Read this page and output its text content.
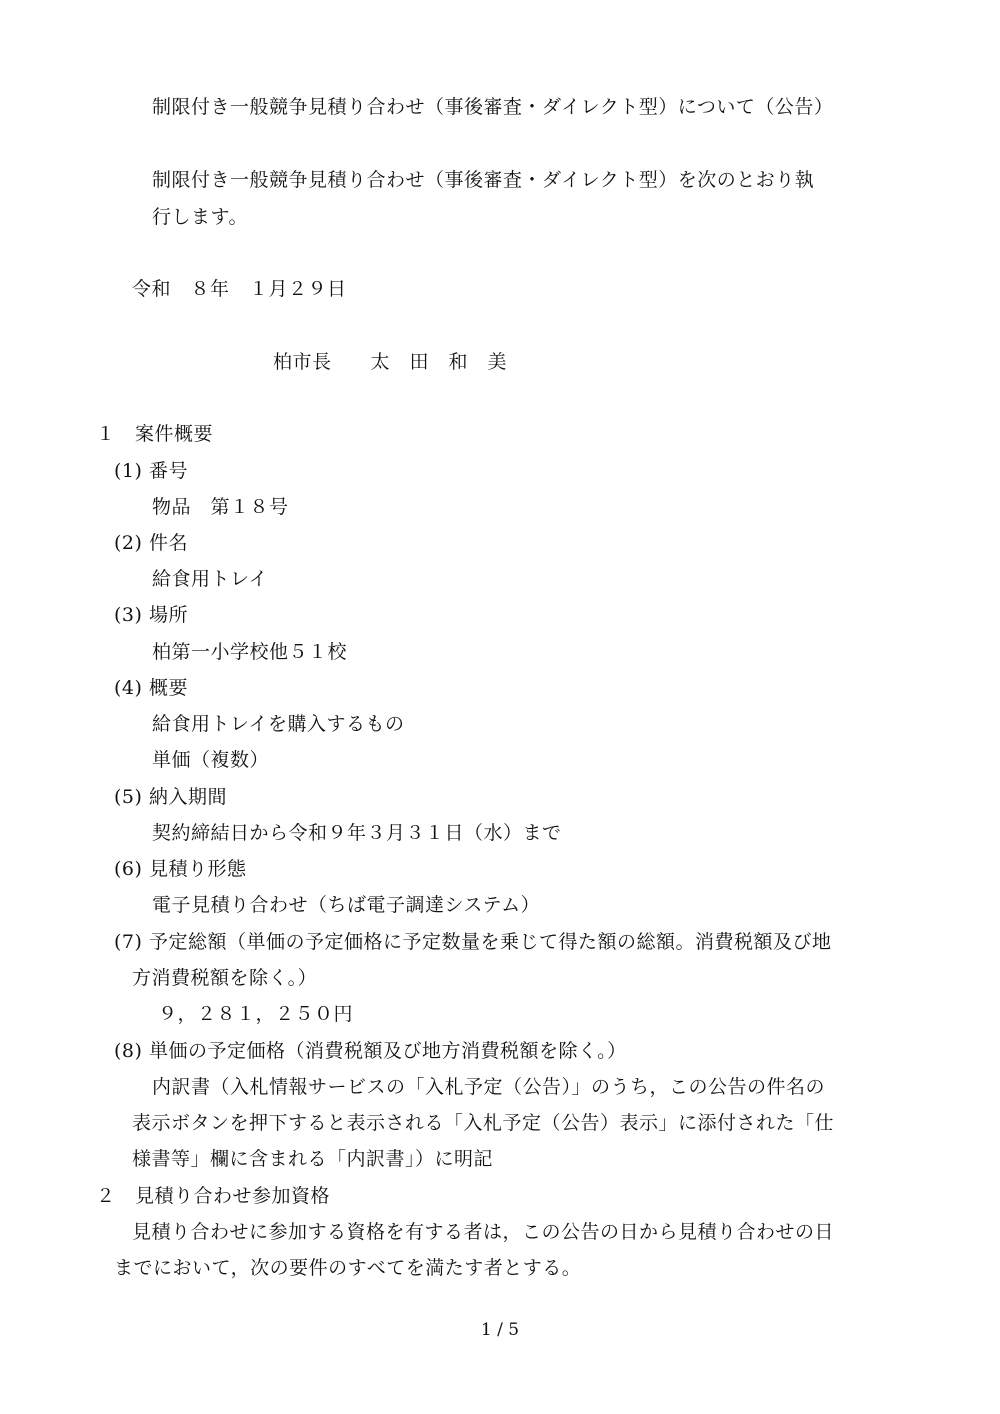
制限付き一般競争見積り合わせ（事後審査・ダイレクト型）について（公告）
制限付き一般競争見積り合わせ（事後審査・ダイレクト型）を次のとおり執
行します。
令和　８年　１月２９日
柏市長　　太　田　和　美
１　案件概要
(1) 番号
物品　第１８号
(2) 件名
給食用トレイ
(3) 場所
柏第一小学校他５１校
(4) 概要
給食用トレイを購入するもの
単価（複数）
(5) 納入期間
契約締結日から令和９年３月３１日（水）まで
(6) 見積り形態
電子見積り合わせ（ちば電子調達システム）
(7) 予定総額（単価の予定価格に予定数量を乗じて得た額の総額。消費税額及び地
方消費税額を除く。）
９，２８１，２５０円
(8) 単価の予定価格（消費税額及び地方消費税額を除く。）
内訳書（入札情報サービスの「入札予定（公告）」のうち，この公告の件名の
表示ボタンを押下すると表示される「入札予定（公告）表示」に添付された「仕
様書等」欄に含まれる「内訳書」）に明記
２　見積り合わせ参加資格
見積り合わせに参加する資格を有する者は，この公告の日から見積り合わせの日
までにおいて，次の要件のすべてを満たす者とする。
1 / 5
